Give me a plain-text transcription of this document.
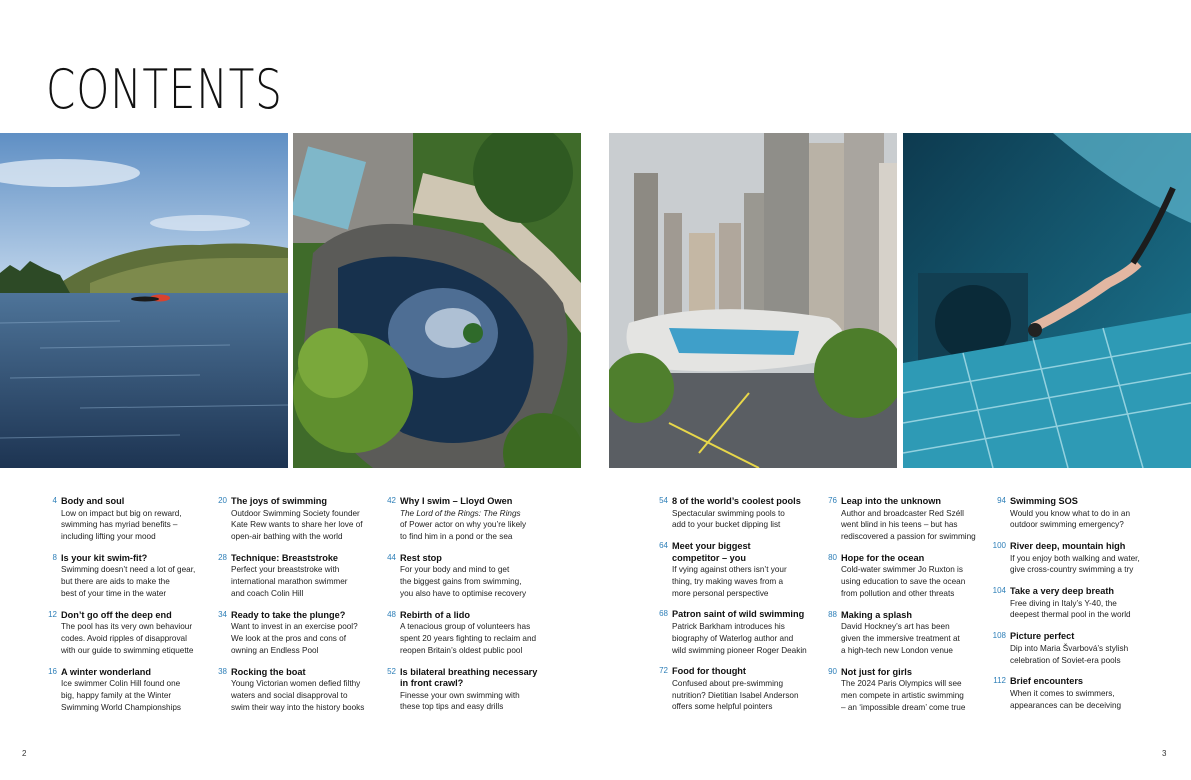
CONTENTS
4 Body and soul
Low on impact but big on reward,
swimming has myriad benefits –
including lifting your mood
8 Is your kit swim-fit?
Swimming doesn’t need a lot of gear,
but there are aids to make the
best of your time in the water
12 Don’t go off the deep end
The pool has its very own behaviour
codes. Avoid ripples of disapproval
with our guide to swimming etiquette
16 A winter wonderland
Ice swimmer Colin Hill found one
big, happy family at the Winter
Swimming World Championships
20 The joys of swimming
Outdoor Swimming Society founder
Kate Rew wants to share her love of
open-air bathing with the world
28 Technique: Breaststroke
Perfect your breaststroke with
international marathon swimmer
and coach Colin Hill
34 Ready to take the plunge?
Want to invest in an exercise pool?
We look at the pros and cons of
owning an Endless Pool
38 Rocking the boat
Young Victorian women defied filthy
waters and social disapproval to
swim their way into the history books
42 Why I swim – Lloyd Owen
The Lord of the Rings: The Rings
of Power actor on why you’re likely
to find him in a pond or the sea
44 Rest stop
For your body and mind to get
the biggest gains from swimming,
you also have to optimise recovery
48 Rebirth of a lido
A tenacious group of volunteers has
spent 20 years fighting to reclaim and
reopen Britain’s oldest public pool
52 Is bilateral breathing necessary in front crawl?
Finesse your own swimming with
these top tips and easy drills
54 8 of the world’s coolest pools
Spectacular swimming pools to
add to your bucket dipping list
64 Meet your biggest competitor – you
If vying against others isn’t your
thing, try making waves from a
more personal perspective
68 Patron saint of wild swimming
Patrick Barkham introduces his
biography of Waterlog author and
wild swimming pioneer Roger Deakin
72 Food for thought
Confused about pre-swimming
nutrition? Dietitian Isabel Anderson
offers some helpful pointers
76 Leap into the unknown
Author and broadcaster Red Széll
went blind in his teens – but has
rediscovered a passion for swimming
80 Hope for the ocean
Cold-water swimmer Jo Ruxton is
using education to save the ocean
from pollution and other threats
88 Making a splash
David Hockney’s art has been
given the immersive treatment at
a high-tech new London venue
90 Not just for girls
The 2024 Paris Olympics will see
men compete in artistic swimming
– an ‘impossible dream’ come true
94 Swimming SOS
Would you know what to do in an
outdoor swimming emergency?
100 River deep, mountain high
If you enjoy both walking and water,
give cross-country swimming a try
104 Take a very deep breath
Free diving in Italy’s Y-40, the
deepest thermal pool in the world
108 Picture perfect
Dip into Maria Švarbová’s stylish
celebration of Soviet-era pools
112 Brief encounters
When it comes to swimmers,
appearances can be deceiving
2	3
